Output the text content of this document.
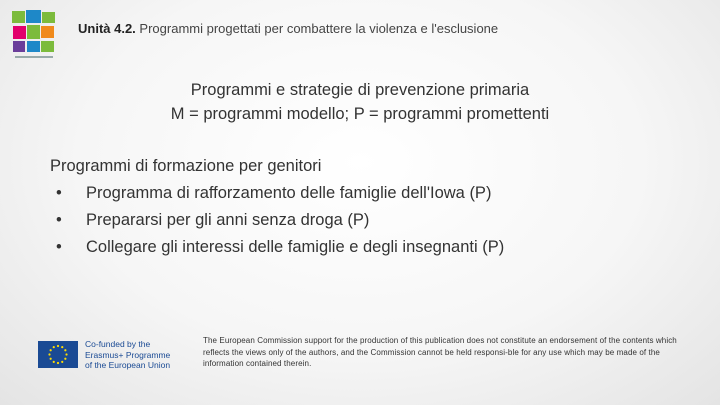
Unità 4.2. Programmi progettati per combattere la violenza e l'esclusione
Programmi e strategie di prevenzione primaria
M = programmi modello; P = programmi promettenti
Programmi di formazione per genitori
•	Programma di rafforzamento delle famiglie dell'Iowa (P)
•	Prepararsi per gli anni senza droga (P)
•	Collegare gli interessi delle famiglie e degli insegnanti (P)
Co-funded by the
Erasmus+ Programme
of the European Union
The European Commission support for the production of this publication does not constitute an endorsement of the contents which reflects the views only of the authors, and the Commission cannot be held responsi-ble for any use which may be made of the information contained therein.
